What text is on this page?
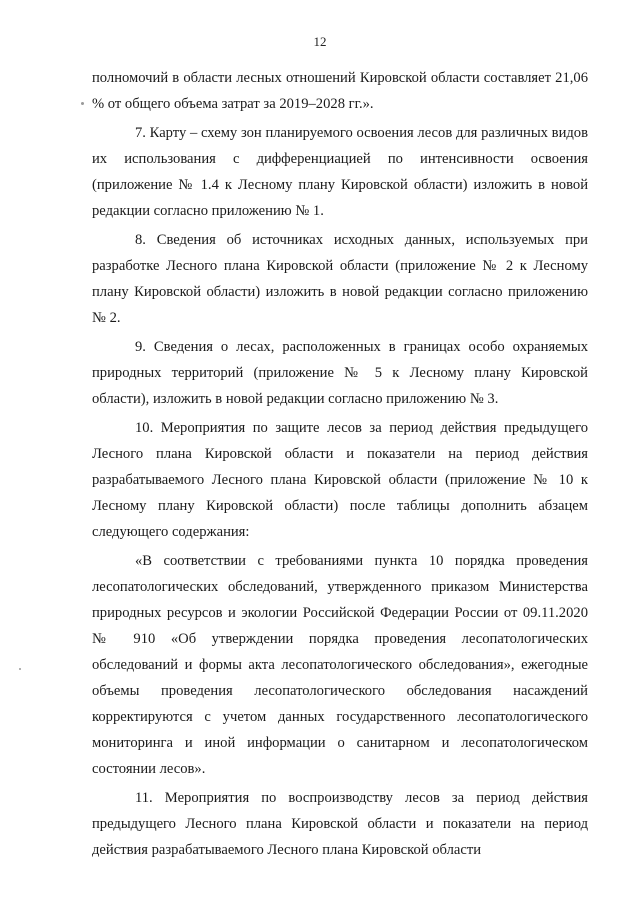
12

полномочий в области лесных отношений Кировской области составляет 21,06 % от общего объема затрат за 2019–2028 гг.».

7. Карту – схему зон планируемого освоения лесов для различных видов их использования с дифференциацией по интенсивности освоения (приложение № 1.4 к Лесному плану Кировской области) изложить в новой редакции согласно приложению № 1.

8. Сведения об источниках исходных данных, используемых при разработке Лесного плана Кировской области (приложение № 2 к Лесному плану Кировской области) изложить в новой редакции согласно приложению № 2.

9. Сведения о лесах, расположенных в границах особо охраняемых природных территорий (приложение № 5 к Лесному плану Кировской области), изложить в новой редакции согласно приложению № 3.

10. Мероприятия по защите лесов за период действия предыдущего Лесного плана Кировской области и показатели на период действия разрабатываемого Лесного плана Кировской области (приложение № 10 к Лесному плану Кировской области) после таблицы дополнить абзацем следующего содержания:

«В соответствии с требованиями пункта 10 порядка проведения лесопатологических обследований, утвержденного приказом Министерства природных ресурсов и экологии Российской Федерации России от 09.11.2020 № 910 «Об утверждении порядка проведения лесопатологических обследований и формы акта лесопатологического обследования», ежегодные объемы проведения лесопатологического обследования насаждений корректируются с учетом данных государственного лесопатологического мониторинга и иной информации о санитарном и лесопатологическом состоянии лесов».

11. Мероприятия по воспроизводству лесов за период действия предыдущего Лесного плана Кировской области и показатели на период действия разрабатываемого Лесного плана Кировской области
